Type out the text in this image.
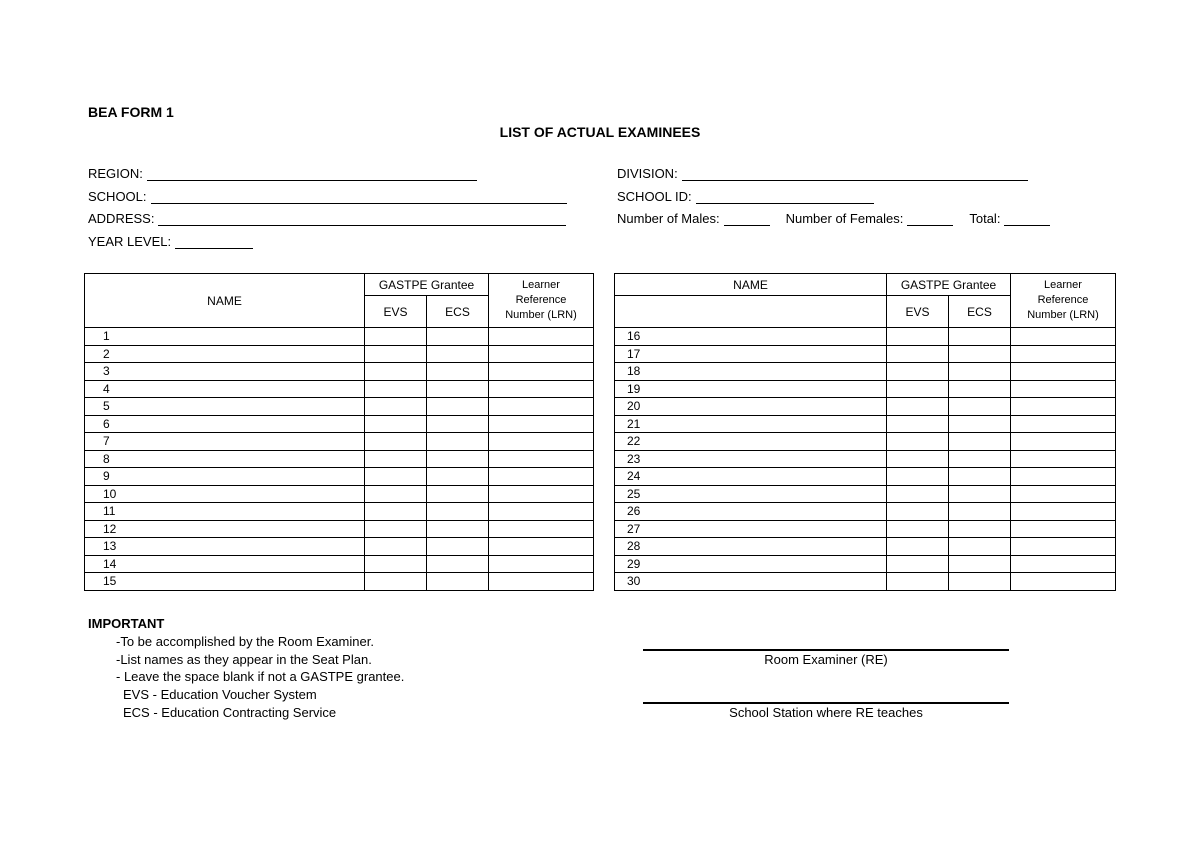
BEA FORM 1
LIST OF ACTUAL EXAMINEES
REGION:
SCHOOL:
ADDRESS:
YEAR LEVEL:
DIVISION:
SCHOOL ID:
Number of Males:	Number of Females:	Total:
NAME	GASTPE Grantee		Learner
Reference
Number (LRN)

	EVS	ECS	
1			
2			
3			
4			
5			
6			
7			
8			
9			
10			
11			
12			
13			
14			
15			
NAME	GASTPE Grantee		Learner
Reference
Number (LRN)

	EVS	ECS	
16			
17			
18			
19			
20			
21			
22			
23			
24			
25			
26			
27			
28			
29			
30			
IMPORTANT
-To be accomplished by the Room Examiner.
-List names as they appear in the Seat Plan.
- Leave the space blank if not a GASTPE grantee.
EVS - Education Voucher System
ECS - Education Contracting Service
Room Examiner (RE)
School Station where RE teaches
